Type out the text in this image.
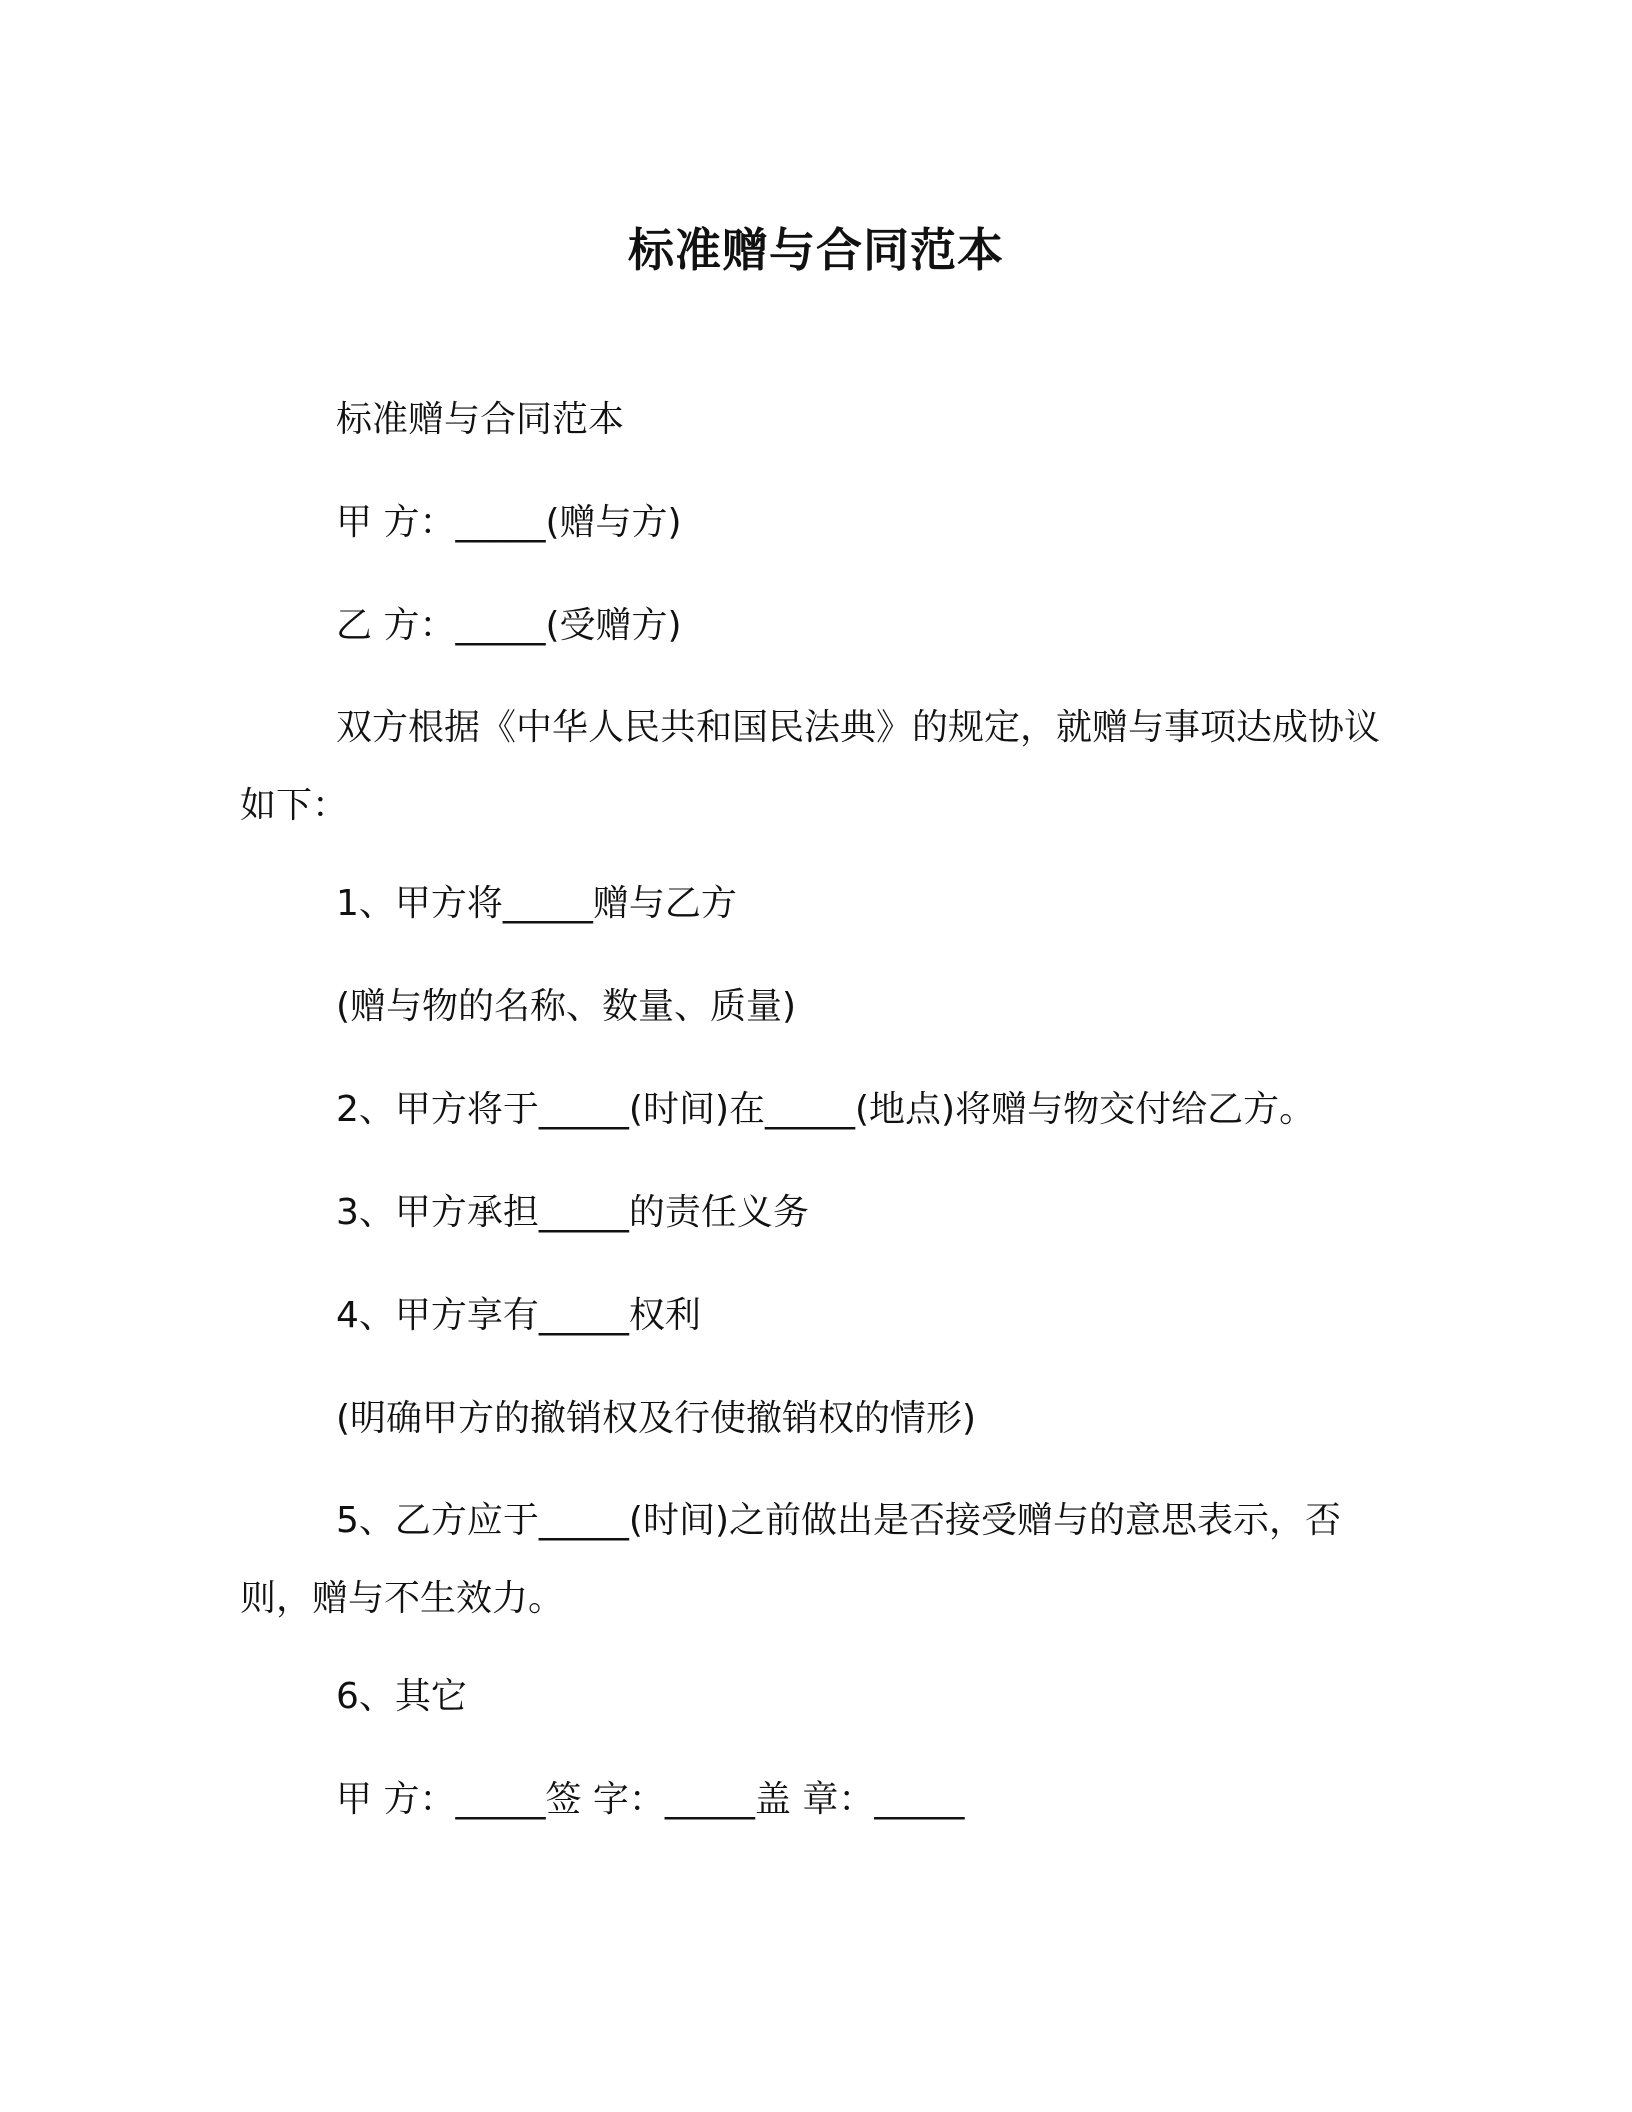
标准赠与合同范本
标准赠与合同范本
甲 方：_____(赠与方)
乙 方：_____(受赠方)
双方根据《中华人民共和国民法典》的规定，就赠与事项达成协议如下：
1、甲方将_____赠与乙方
(赠与物的名称、数量、质量)
2、甲方将于_____(时间)在_____(地点)将赠与物交付给乙方。
3、甲方承担_____的责任义务
4、甲方享有_____权利
(明确甲方的撤销权及行使撤销权的情形)
5、乙方应于_____(时间)之前做出是否接受赠与的意思表示，否则，赠与不生效力。
6、其它
甲 方：_____签 字：_____盖 章：_____
